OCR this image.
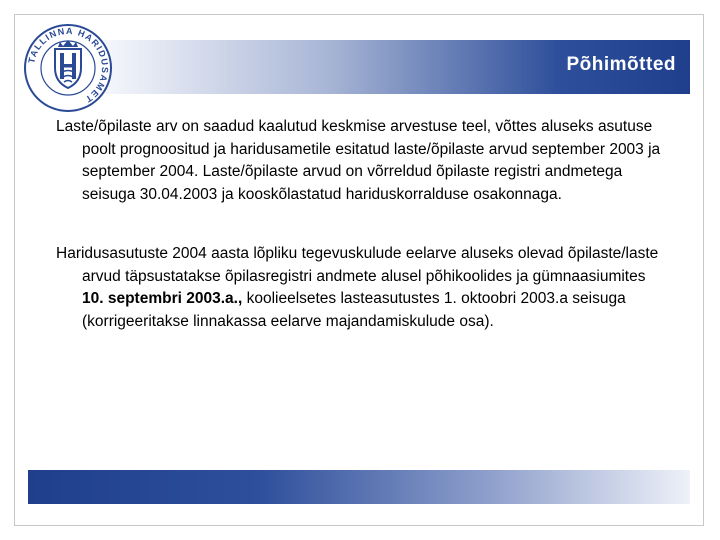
Põhimõtted
TALLINNA HARIDUSAMET

Laste/õpilaste arv on saadud kaalutud keskmise arvestuse teel, võttes aluseks asutuse poolt prognoositud ja haridusametile esitatud laste/õpilaste arvud september 2003 ja september 2004. Laste/õpilaste arvud on võrreldud õpilaste registri andmetega seisuga 30.04.2003 ja kooskõlastatud hariduskorralduse osakonnaga.

Haridusasutuste 2004 aasta lõpliku tegevuskulude eelarve aluseks olevad õpilaste/laste arvud täpsustatakse õpilasregistri andmete alusel põhikoolides ja gümnaasiumites 10. septembri 2003.a., koolieelsetes lasteasutustes 1. oktoobri 2003.a seisuga (korrigeeritakse linnakassa eelarve majandamiskulude osa).
